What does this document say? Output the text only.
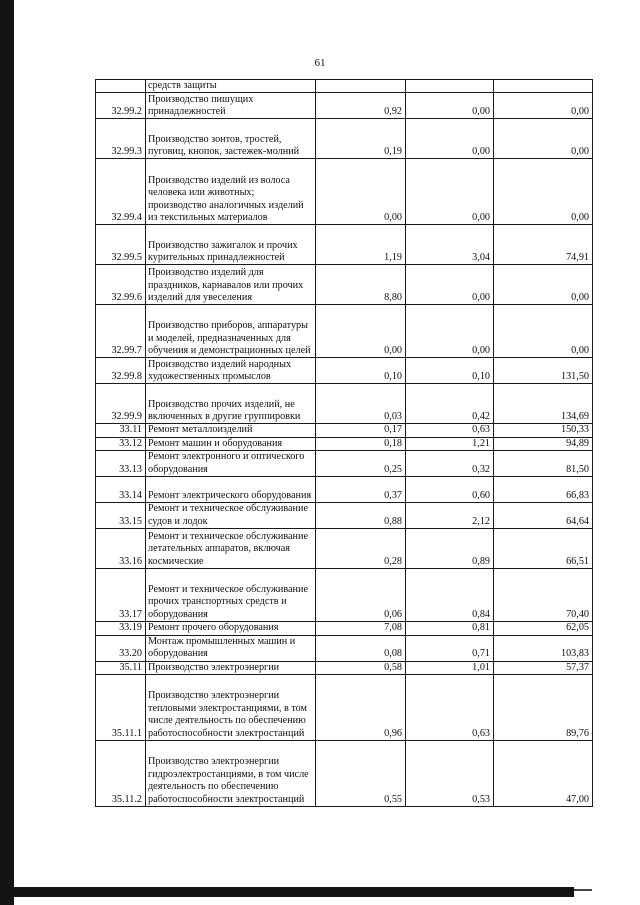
61
	средств защиты			
32.99.2	Производство пишущих принадлежностей	0,92	0,00	0,00
32.99.3	Производство зонтов, тростей, пуговиц, кнопок, застежек-молний	0,19	0,00	0,00
32.99.4	Производство изделий из волоса человека или животных; производство аналогичных изделий из текстильных материалов	0,00	0,00	0,00
32.99.5	Производство зажигалок и прочих курительных принадлежностей	1,19	3,04	74,91
32.99.6	Производство изделий для праздников, карнавалов или прочих изделий для увеселения	8,80	0,00	0,00
32.99.7	Производство приборов, аппаратуры и моделей, предназначенных для обучения и демонстрационных целей	0,00	0,00	0,00
32.99.8	Производство изделий народных художественных промыслов	0,10	0,10	131,50
32.99.9	Производство прочих изделий, не включенных в другие группировки	0,03	0,42	134,69
33.11	Ремонт металлоизделий	0,17	0,63	150,33
33.12	Ремонт машин и оборудования	0,18	1,21	94,89
33.13	Ремонт электронного и оптического оборудования	0,25	0,32	81,50
33.14	Ремонт электрического оборудования	0,37	0,60	66,83
33.15	Ремонт и техническое обслуживание судов и лодок	0,88	2,12	64,64
33.16	Ремонт и техническое обслуживание летательных аппаратов, включая космические	0,28	0,89	66,51
33.17	Ремонт и техническое обслуживание прочих транспортных средств и оборудования	0,06	0,84	70,40
33.19	Ремонт прочего оборудования	7,08	0,81	62,05
33.20	Монтаж промышленных машин и оборудования	0,08	0,71	103,83
35.11	Производство электроэнергии	0,58	1,01	57,37
35.11.1	Производство электроэнергии тепловыми электростанциями, в том числе деятельность по обеспечению работоспособности электростанций	0,96	0,63	89,76
35.11.2	Производство электроэнергии гидроэлектростанциями, в том числе деятельность по обеспечению работоспособности электростанций	0,55	0,53	47,00
